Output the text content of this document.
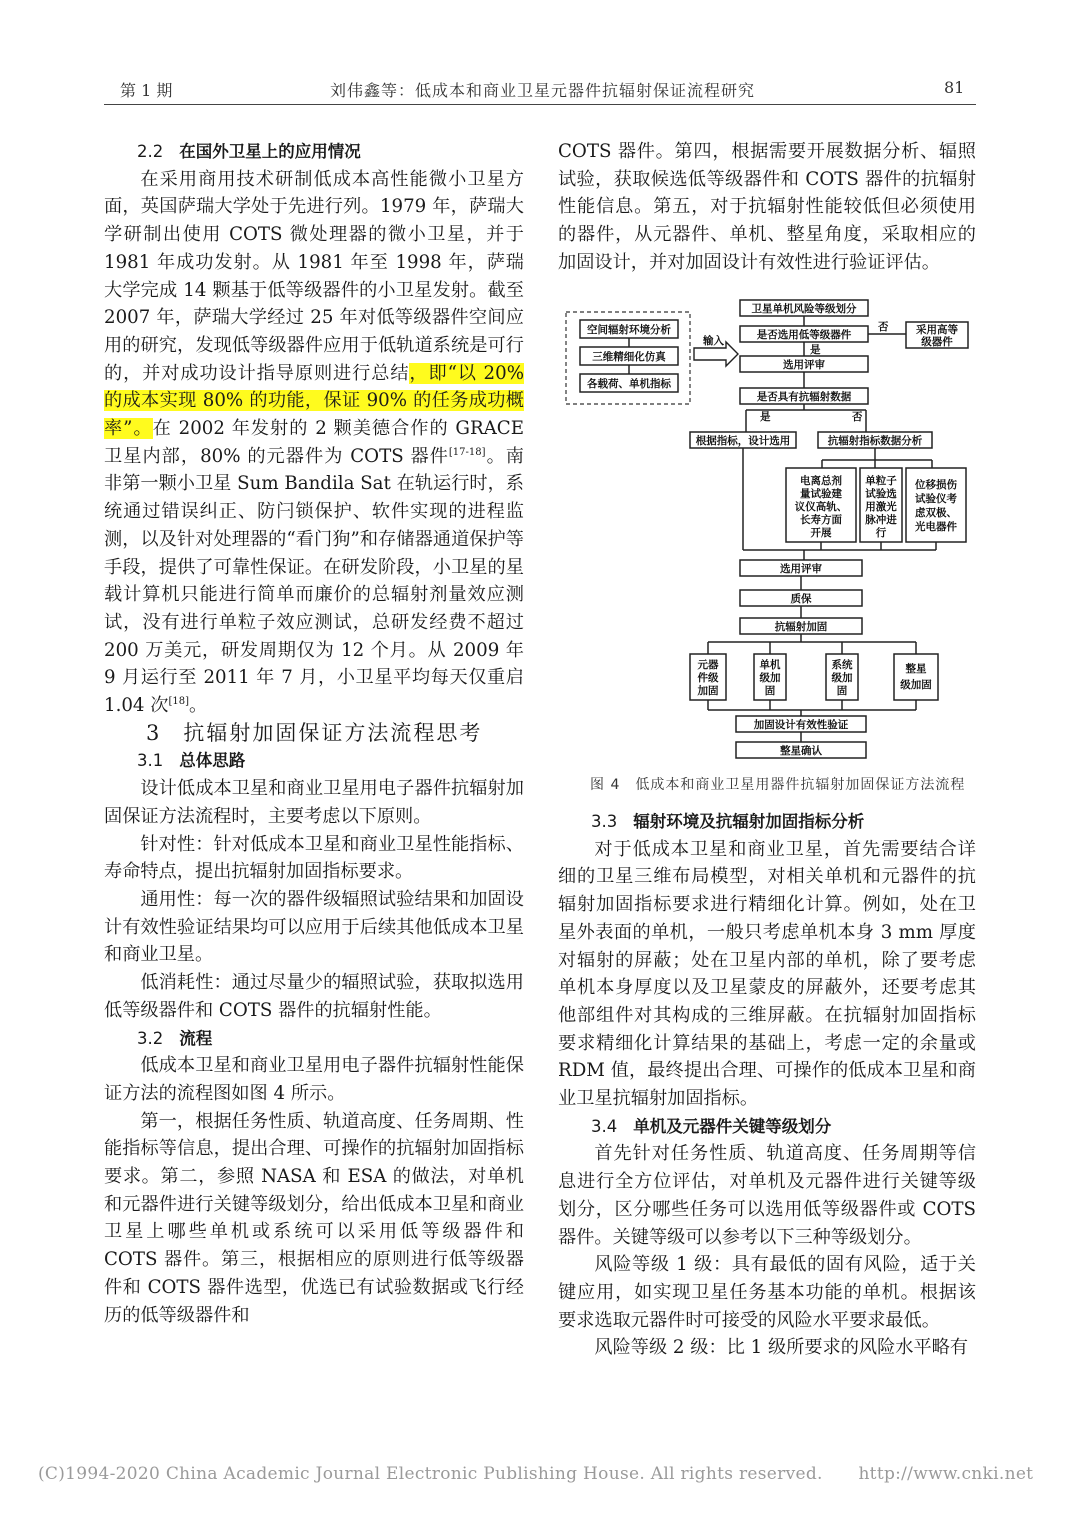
第 1 期	刘伟鑫等：低成本和商业卫星元器件抗辐射保证流程研究	81

2.2 在国外卫星上的应用情况

在采用商用技术研制低成本高性能微小卫星方面，英国萨瑞大学处于先进行列。1979 年，萨瑞大学研制出使用 COTS 微处理器的微小卫星，并于 1981 年成功发射。从 1981 年至 1998 年，萨瑞大学完成 14 颗基于低等级器件的小卫星发射。截至 2007 年，萨瑞大学经过 25 年对低等级器件空间应用的研究，发现低等级器件应用于低轨道系统是可行的，并对成功设计指导原则进行总结，即“以 20% 的成本实现 80% 的功能，保证 90% 的任务成功概率”。在 2002 年发射的 2 颗美德合作的 GRACE 卫星内部，80% 的元器件为 COTS 器件[17-18]。南非第一颗小卫星 Sum Bandila Sat 在轨运行时，系统通过错误纠正、防闩锁保护、软件实现的进程监测，以及针对处理器的“看门狗”和存储器通道保护等手段，提供了可靠性保证。在研发阶段，小卫星的星载计算机只能进行简单而廉价的总辐射剂量效应测试，没有进行单粒子效应测试，总研发经费不超过 200 万美元，研发周期仅为 12 个月。从 2009 年 9 月运行至 2011 年 7 月，小卫星平均每天仅重启 1.04 次[18]。

3 抗辐射加固保证方法流程思考

3.1 总体思路

设计低成本卫星和商业卫星用电子器件抗辐射加固保证方法流程时，主要考虑以下原则。

针对性：针对低成本卫星和商业卫星性能指标、寿命特点，提出抗辐射加固指标要求。

通用性：每一次的器件级辐照试验结果和加固设计有效性验证结果均可以应用于后续其他低成本卫星和商业卫星。

低消耗性：通过尽量少的辐照试验，获取拟选用低等级器件和 COTS 器件的抗辐射性能。

3.2 流程

低成本卫星和商业卫星用电子器件抗辐射性能保证方法的流程图如图 4 所示。

第一，根据任务性质、轨道高度、任务周期、性能指标等信息，提出合理、可操作的抗辐射加固指标要求。第二，参照 NASA 和 ESA 的做法，对单机和元器件进行关键等级划分，给出低成本卫星和商业卫星上哪些单机或系统可以采用低等级器件和 COTS 器件。第三，根据相应的原则进行低等级器件和 COTS 器件选型，优选已有试验数据或飞行经历的低等级器件和

COTS 器件。第四，根据需要开展数据分析、辐照试验，获取候选低等级器件和 COTS 器件的抗辐射性能信息。第五，对于抗辐射性能较低但必须使用的器件，从元器件、单机、整星角度，采取相应的加固设计，并对加固设计有效性进行验证评估。

空间辐射环境分析
三维精细化仿真
各载荷、单机指标
输入
卫星单机风险等级划分
是否选用低等级器件
否	采用高等
级器件
是
选用评审
是否具有抗辐射数据
是	否
根据指标，设计选用	抗辐射指标数据分析
电离总剂
量试验建
议仪高轨、
长寿方面
开展
单粒子
试验选
用激光
脉冲进
行
位移损伤
试验仪考
虑双极、
光电器件
选用评审
质保
抗辐射加固
元器
件级
加固
单机
级加
固
系统
级加
固
整星
级加固
加固设计有效性验证
整星确认
图 4　低成本和商业卫星用器件抗辐射加固保证方法流程

3.3 辐射环境及抗辐射加固指标分析

对于低成本卫星和商业卫星，首先需要结合详细的卫星三维布局模型，对相关单机和元器件的抗辐射加固指标要求进行精细化计算。例如，处在卫星外表面的单机，一般只考虑单机本身 3 mm 厚度对辐射的屏蔽；处在卫星内部的单机，除了要考虑单机本身厚度以及卫星蒙皮的屏蔽外，还要考虑其他部组件对其构成的三维屏蔽。在抗辐射加固指标要求精细化计算结果的基础上，考虑一定的余量或 RDM 值，最终提出合理、可操作的低成本卫星和商业卫星抗辐射加固指标。

3.4 单机及元器件关键等级划分

首先针对任务性质、轨道高度、任务周期等信息进行全方位评估，对单机及元器件进行关键等级划分，区分哪些任务可以选用低等级器件或 COTS 器件。关键等级可以参考以下三种等级划分。

风险等级 1 级：具有最低的固有风险，适于关键应用，如实现卫星任务基本功能的单机。根据该要求选取元器件时可接受的风险水平要求最低。

风险等级 2 级：比 1 级所要求的风险水平略有

(C)1994-2020 China Academic Journal Electronic Publishing House. All rights reserved. http://www.cnki.net
